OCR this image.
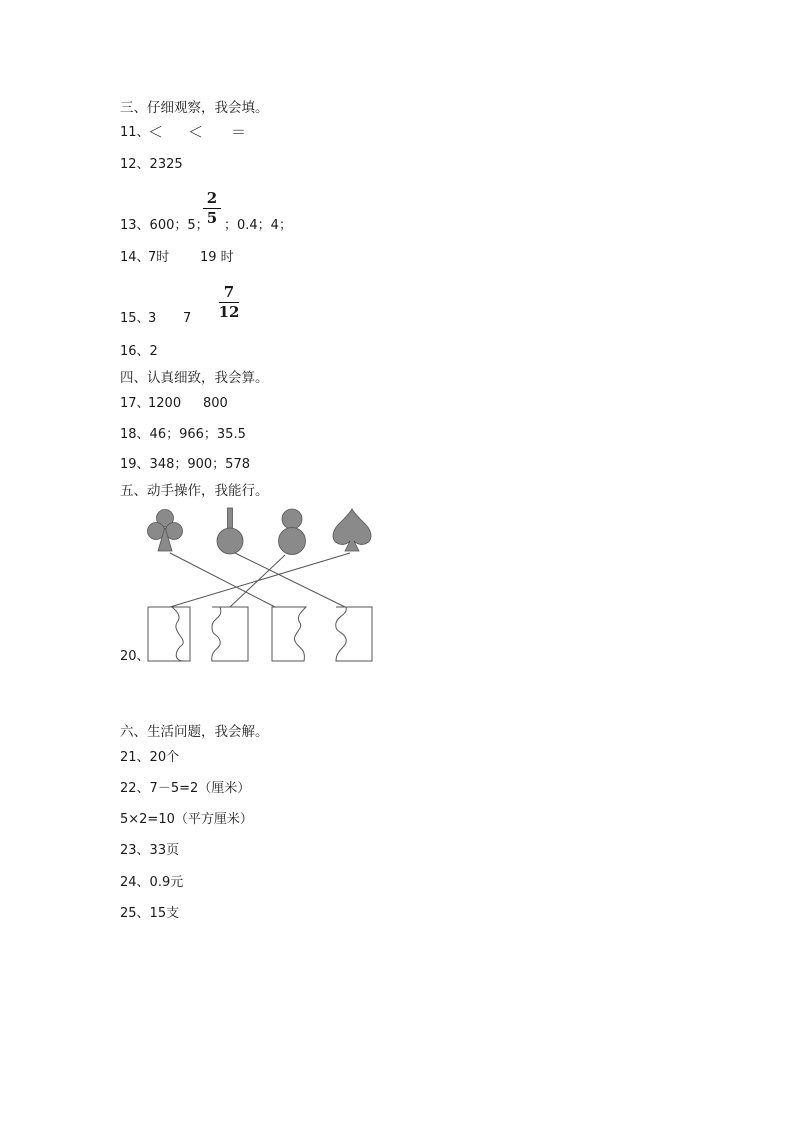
三、仔细观察，我会填。
11、
＜ ＜ ＝
12、2325
13、600；5；
2
5 ；0.4；4；
14、
7时 19 时
15、
3 7
7
12
16、2
四、认真细致，我会算。
17、
1200 800
18、46；966；35.5
19、348；900；578
五、动手操作，我能行。
20、
六、生活问题，我会解。
21、20个
22、7－5=2（厘米）
5×2=10（平方厘米）
23、33页
24、0.9元
25、15支
